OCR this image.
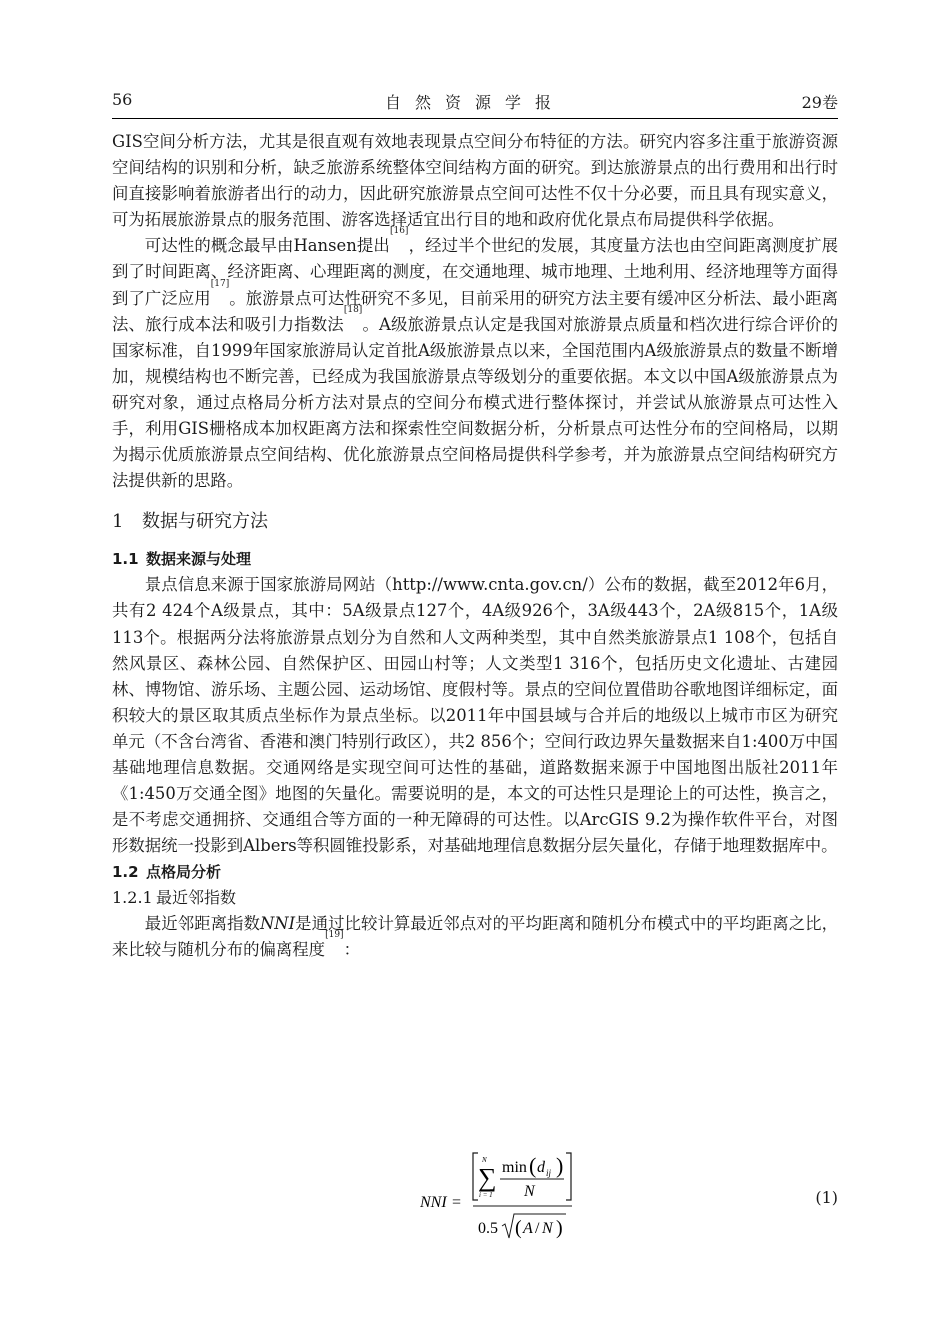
56	自然资源学报	29卷

GIS空间分析方法，尤其是很直观有效地表现景点空间分布特征的方法。研究内容多注重于旅游资源空间结构的识别和分析，缺乏旅游系统整体空间结构方面的研究。到达旅游景点的出行费用和出行时间直接影响着旅游者出行的动力，因此研究旅游景点空间可达性不仅十分必要，而且具有现实意义，可为拓展旅游景点的服务范围、游客选择适宜出行目的地和政府优化景点布局提供科学依据。

可达性的概念最早由Hansen提出[16]，经过半个世纪的发展，其度量方法也由空间距离测度扩展到了时间距离、经济距离、心理距离的测度，在交通地理、城市地理、土地利用、经济地理等方面得到了广泛应用[17]。旅游景点可达性研究不多见，目前采用的研究方法主要有缓冲区分析法、最小距离法、旅行成本法和吸引力指数法[18]。A级旅游景点认定是我国对旅游景点质量和档次进行综合评价的国家标准，自1999年国家旅游局认定首批A级旅游景点以来，全国范围内A级旅游景点的数量不断增加，规模结构也不断完善，已经成为我国旅游景点等级划分的重要依据。本文以中国A级旅游景点为研究对象，通过点格局分析方法对景点的空间分布模式进行整体探讨，并尝试从旅游景点可达性入手，利用GIS栅格成本加权距离方法和探索性空间数据分析，分析景点可达性分布的空间格局，以期为揭示优质旅游景点空间结构、优化旅游景点空间格局提供科学参考，并为旅游景点空间结构研究方法提供新的思路。

1 数据与研究方法
1.1 数据来源与处理

景点信息来源于国家旅游局网站（http://www.cnta.gov.cn/）公布的数据，截至2012年6月，共有2 424个A级景点，其中：5A级景点127个，4A级926个，3A级443个，2A级815个，1A级113个。根据两分法将旅游景点划分为自然和人文两种类型，其中自然类旅游景点1 108个，包括自然风景区、森林公园、自然保护区、田园山村等；人文类型1 316个，包括历史文化遗址、古建园林、博物馆、游乐场、主题公园、运动场馆、度假村等。景点的空间位置借助谷歌地图详细标定，面积较大的景区取其质点坐标作为景点坐标。以2011年中国县域与合并后的地级以上城市市区为研究单元（不含台湾省、香港和澳门特别行政区），共2 856个；空间行政边界矢量数据来自1:400万中国基础地理信息数据。交通网络是实现空间可达性的基础，道路数据来源于中国地图出版社2011年《1:450万交通全图》地图的矢量化。需要说明的是，本文的可达性只是理论上的可达性，换言之，是不考虑交通拥挤、交通组合等方面的一种无障碍的可达性。以ArcGIS 9.2为操作软件平台，对图形数据统一投影到Albers等积圆锥投影系，对基础地理信息数据分层矢量化，存储于地理数据库中。

1.2 点格局分析
1.2.1 最近邻指数

最近邻距离指数NNI是通过比较计算最近邻点对的平均距离和随机分布模式中的平均距离之比，来比较与随机分布的偏离程度[19]：

NNI =
N
∑
i = 1
min ( d ij )
N
0.5 ( A / N )
(1)
